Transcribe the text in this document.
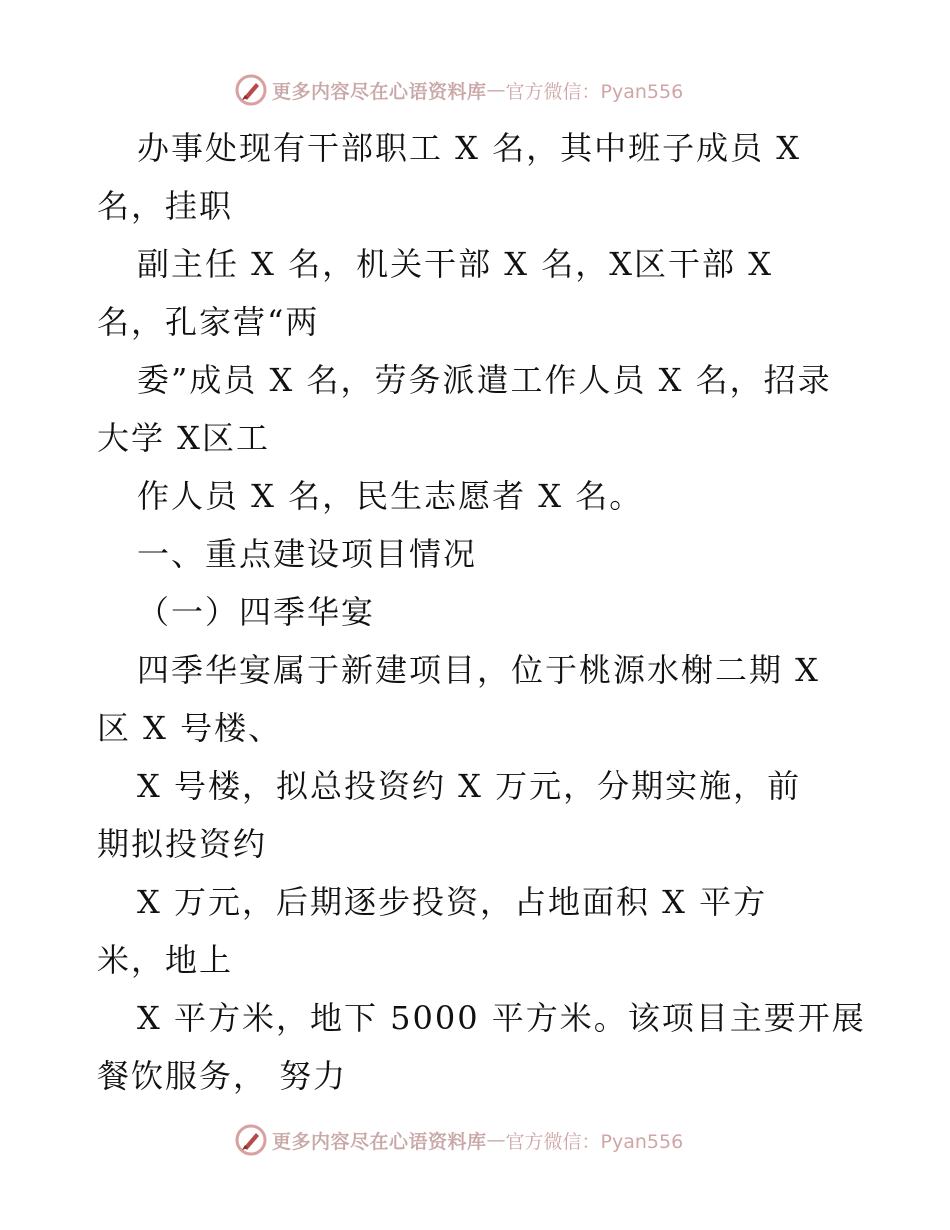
更多内容尽在心语资料库 — 官方微信：Pyan556
办事处现有干部职工 X 名，其中班子成员 X
名，挂职
副主任 X 名，机关干部 X 名，X区干部 X
名，孔家营“两
委”成员 X 名，劳务派遣工作人员 X 名，招录
大学 X区工
作人员 X 名，民生志愿者 X 名。
一、重点建设项目情况
（一）四季华宴
四季华宴属于新建项目，位于桃源水榭二期 X
区 X 号楼、
X 号楼，拟总投资约 X 万元，分期实施，前
期拟投资约
X 万元，后期逐步投资，占地面积 X 平方
米，地上
X 平方米，地下 5000 平方米。该项目主要开展
餐饮服务， 努力
更多内容尽在心语资料库 — 官方微信：Pyan556
